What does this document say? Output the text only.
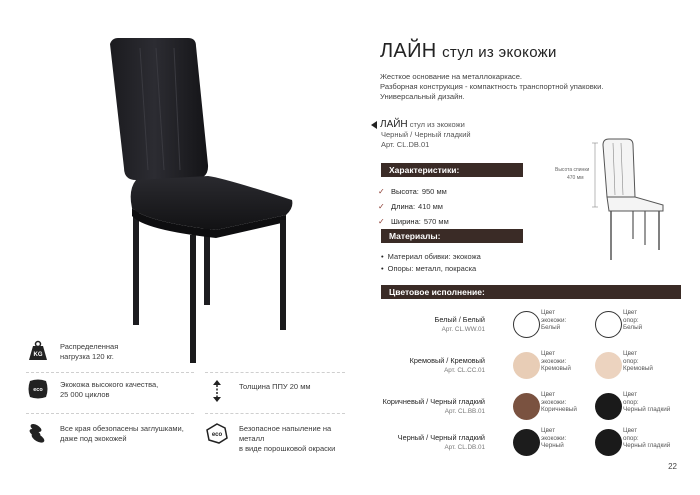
KG
Распределенная
нагрузка 120 кг.
eco
Экокожа высокого качества,
25 000 циклов
Толщина ППУ 20 мм
Все края обезопасены заглушками,
даже под экокожей	eco
Безопасное напыление на металл
в виде порошковой окраски
ЛАЙН стул из экокожи
Жесткое основание на металлокаркасе.
Разборная конструкция - компактность транспортной упаковки.
Универсальный дизайн.
ЛАЙН стул из экокожи
Черный / Черный гладкий
Арт. CL.DB.01
Характеристики:
✓ Высота: 950 мм
✓ Длина: 410 мм
✓ Ширина: 570 мм
Материалы:
• Материал обивки: экокожа
• Опоры: металл, покраска
Высота спинки
470 мм
Цветовое исполнение:
Белый / Белый
Арт. CL.WW.01
Цвет
экокожи:
Белый
Цвет
опор:
Белый
Кремовый / Кремовый
Арт. CL.CC.01
Цвет
экокожи:
Кремовый
Цвет
опор:
Кремовый
Коричневый / Черный гладкий
Арт. CL.BB.01
Цвет
экокожи:
Коричневый
Цвет
опор:
Черный гладкий
Черный / Черный гладкий
Арт. CL.DB.01
Цвет
экокожи:
Черный
Цвет
опор:
Черный гладкий
22
